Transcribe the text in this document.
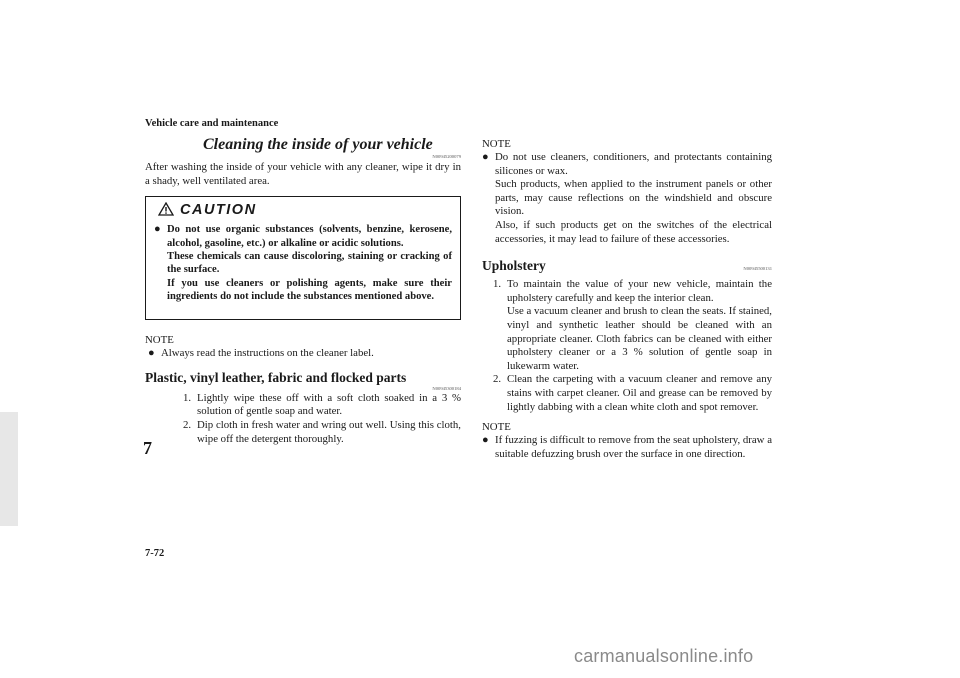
Vehicle care and maintenance
7
7-72
Cleaning the inside of your vehicle
N00945200079
After washing the inside of your vehicle with any cleaner, wipe it dry in a shady, well ventilated area.
CAUTION
● Do not use organic substances (solvents, benzine, kerosene, alcohol, gasoline, etc.) or alkaline or acidic solutions.
These chemicals can cause discoloring, staining or cracking of the surface.
If you use cleaners or polishing agents, make sure their ingredients do not include the substances mentioned above.
NOTE
● Always read the instructions on the cleaner label.
Plastic, vinyl leather, fabric and flocked parts
N00945300184
1. Lightly wipe these off with a soft cloth soaked in a 3 % solution of gentle soap and water.
2. Dip cloth in fresh water and wring out well. Using this cloth, wipe off the detergent thoroughly.
NOTE
● Do not use cleaners, conditioners, and protectants containing silicones or wax.
Such products, when applied to the instrument panels or other parts, may cause reflections on the windshield and obscure vision.
Also, if such products get on the switches of the electrical accessories, it may lead to failure of these accessories.
Upholstery	N00945500131
1. To maintain the value of your new vehicle, maintain the upholstery carefully and keep the interior clean.
Use a vacuum cleaner and brush to clean the seats. If stained, vinyl and synthetic leather should be cleaned with an appropriate cleaner. Cloth fabrics can be cleaned with either upholstery cleaner or a 3 % solution of gentle soap in lukewarm water.
2. Clean the carpeting with a vacuum cleaner and remove any stains with carpet cleaner. Oil and grease can be removed by lightly dabbing with a clean white cloth and spot remover.
NOTE
● If fuzzing is difficult to remove from the seat upholstery, draw a suitable defuzzing brush over the surface in one direction.
carmanualsonline.info
